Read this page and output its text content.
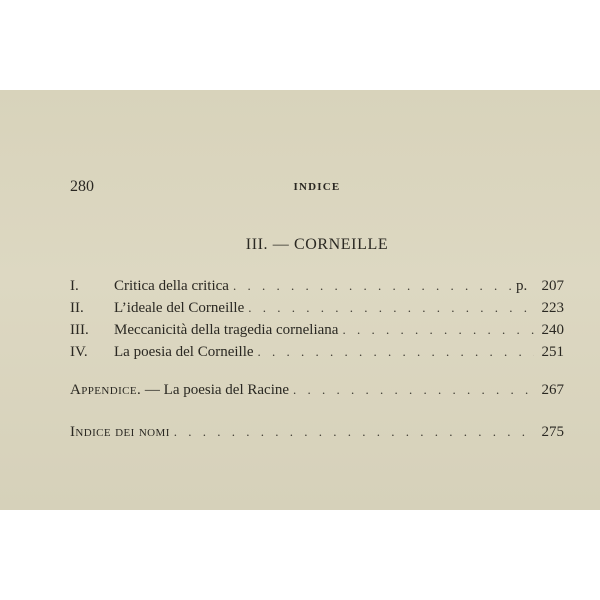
280	INDICE
III. — CORNEILLE
I.	Critica della critica . . .	p. 207
II.	L’ideale del Corneille . . .	223
III.	Meccanicità della tragedia corneliana . . .	240
IV.	La poesia del Corneille . . .	251
Appendice. — La poesia del Racine . . .	267
Indice dei nomi . . .	275
